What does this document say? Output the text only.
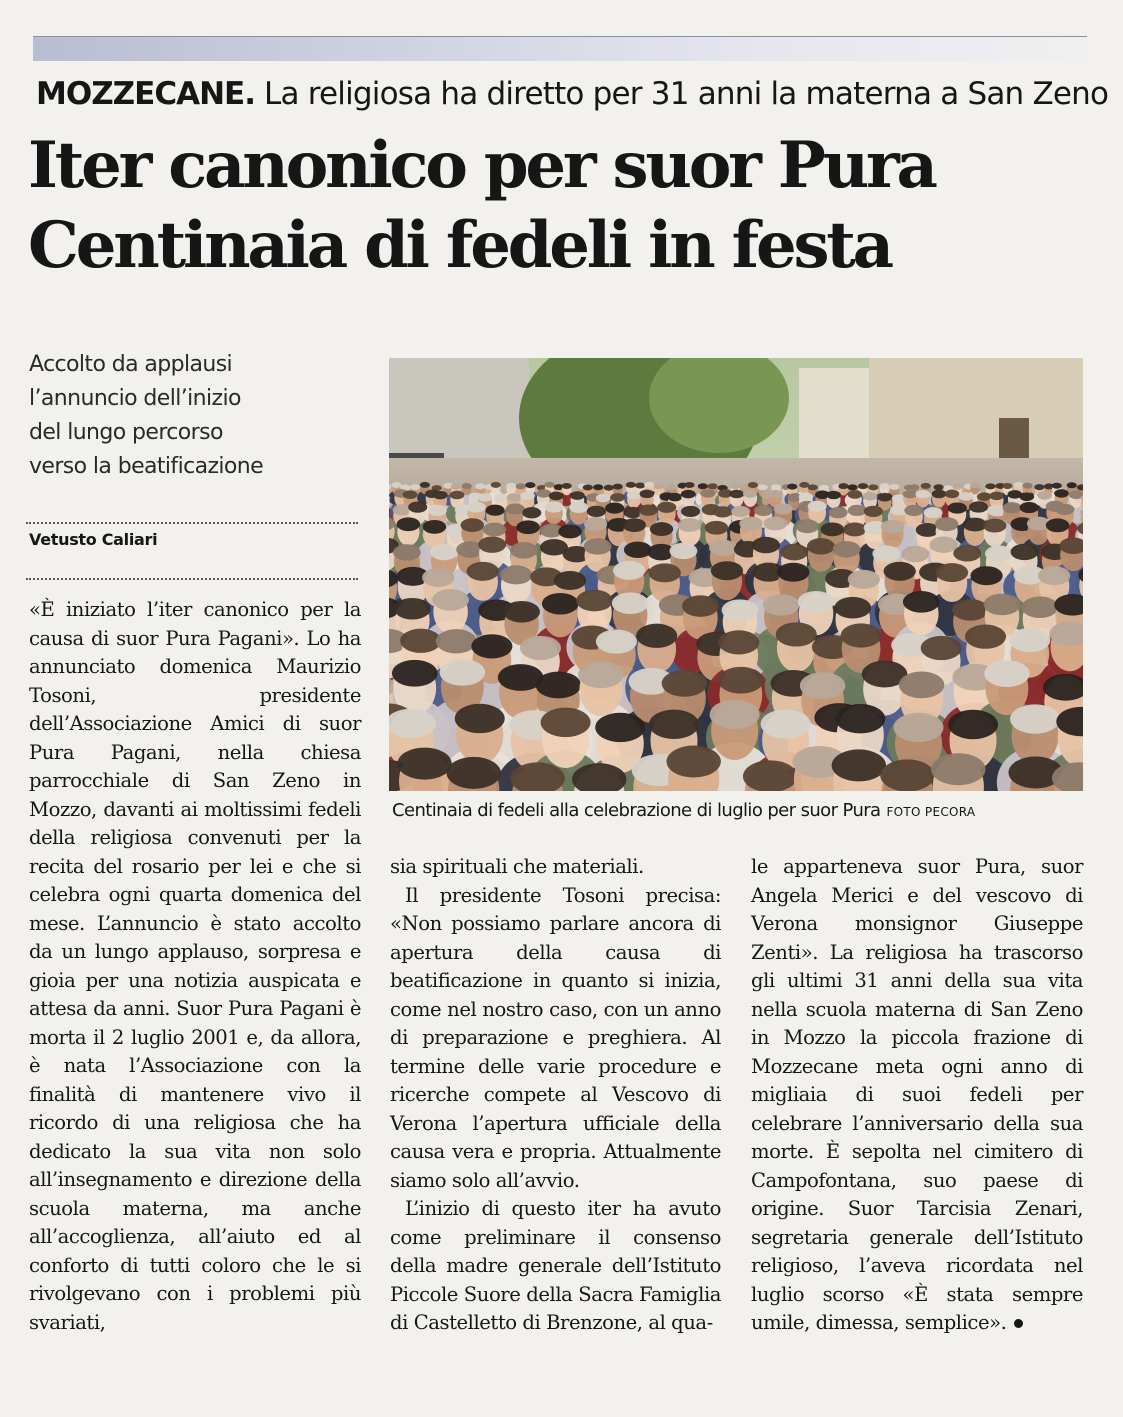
MOZZECANE. La religiosa ha diretto per 31 anni la materna a San Zeno
Iter canonico per suor Pura
Centinaia di fedeli in festa
Accolto da applausi
l’annuncio dell’inizio
del lungo percorso
verso la beatificazione
Vetusto Caliari
Centinaia di fedeli alla celebrazione di luglio per suor Pura FOTO PECORA

«È iniziato l’iter canonico per la causa di suor Pura Pagani». Lo ha annunciato domenica Maurizio Tosoni, presidente dell’Associazione Amici di suor Pura Pagani, nella chiesa parrocchiale di San Zeno in Mozzo, davanti ai moltissimi fedeli della religiosa convenuti per la recita del rosario per lei e che si celebra ogni quarta domenica del mese. L’annuncio è stato accolto da un lungo applauso, sorpresa e gioia per una notizia auspicata e attesa da anni. Suor Pura Pagani è morta il 2 luglio 2001 e, da allora, è nata l’Associazione con la finalità di mantenere vivo il ricordo di una religiosa che ha dedicato la sua vita non solo all’insegnamento e direzione della scuola materna, ma anche all’accoglienza, all’aiuto ed al conforto di tutti coloro che le si rivolgevano con i problemi più svariati,

sia spirituali che materiali.

Il presidente Tosoni precisa: «Non possiamo parlare ancora di apertura della causa di beatificazione in quanto si inizia, come nel nostro caso, con un anno di preparazione e preghiera. Al termine delle varie procedure e ricerche compete al Vescovo di Verona l’apertura ufficiale della causa vera e propria. Attualmente siamo solo all’avvio.

L’inizio di questo iter ha avuto come preliminare il consenso della madre generale dell’Istituto Piccole Suore della Sacra Famiglia di Castelletto di Brenzone, al qua-

le apparteneva suor Pura, suor Angela Merici e del vescovo di Verona monsignor Giuseppe Zenti». La religiosa ha trascorso gli ultimi 31 anni della sua vita nella scuola materna di San Zeno in Mozzo la piccola frazione di Mozzecane meta ogni anno di migliaia di suoi fedeli per celebrare l’anniversario della sua morte. È sepolta nel cimitero di Campofontana, suo paese di origine. Suor Tarcisia Zenari, segretaria generale dell’Istituto religioso, l’aveva ricordata nel luglio scorso «È stata sempre umile, dimessa, semplice».
